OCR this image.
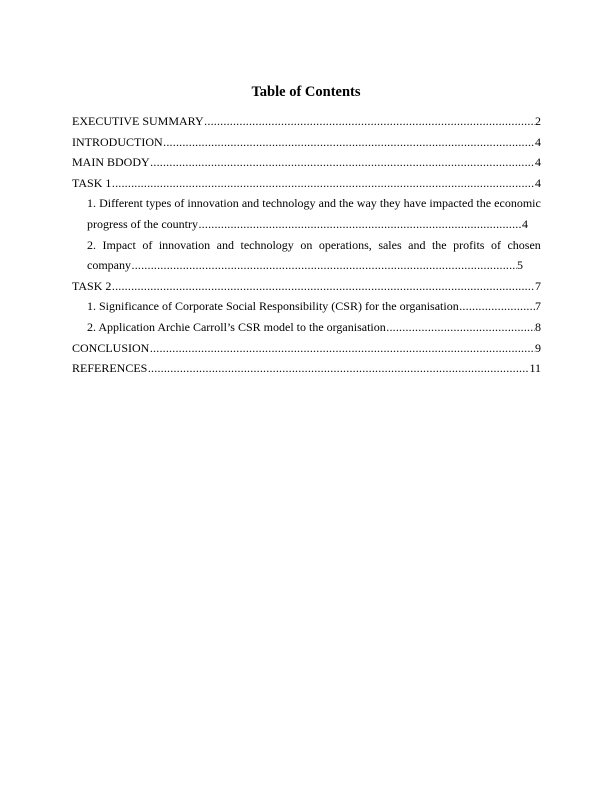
Table of Contents
EXECUTIVE SUMMARY .....	2
INTRODUCTION .....	4
MAIN BDODY .....	4
TASK 1 .....	4
1. Different types of innovation and technology and the way they have impacted the economic
progress of the country .....	4
2. Impact of innovation and technology on operations, sales and the profits of chosen
company .....	5
TASK 2 .....	7
1. Significance of Corporate Social Responsibility (CSR) for the organisation .....	7
2. Application Archie Carroll’s CSR model to the organisation .....	8
CONCLUSION .....	9
REFERENCES .....	11
